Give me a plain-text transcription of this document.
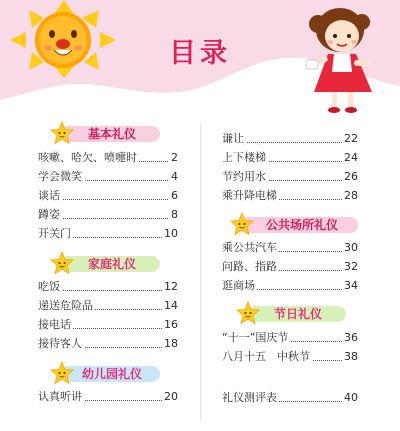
目录
基本礼仪
咳嗽、哈欠、喷嚏时	2
学会微笑	4
谈话	6
蹲姿	8
开关门	10
家庭礼仪
吃饭	12
递送危险品	14
接电话	16
接待客人	18
幼儿园礼仪
认真听讲	20
谦让	22
上下楼梯	24
节约用水	26
乘升降电梯	28
公共场所礼仪
乘公共汽车	30
问路、指路	32
逛商场	34
节日礼仪
“十一”国庆节	36
八月十五　中秋节	38
礼仪测评表	40
